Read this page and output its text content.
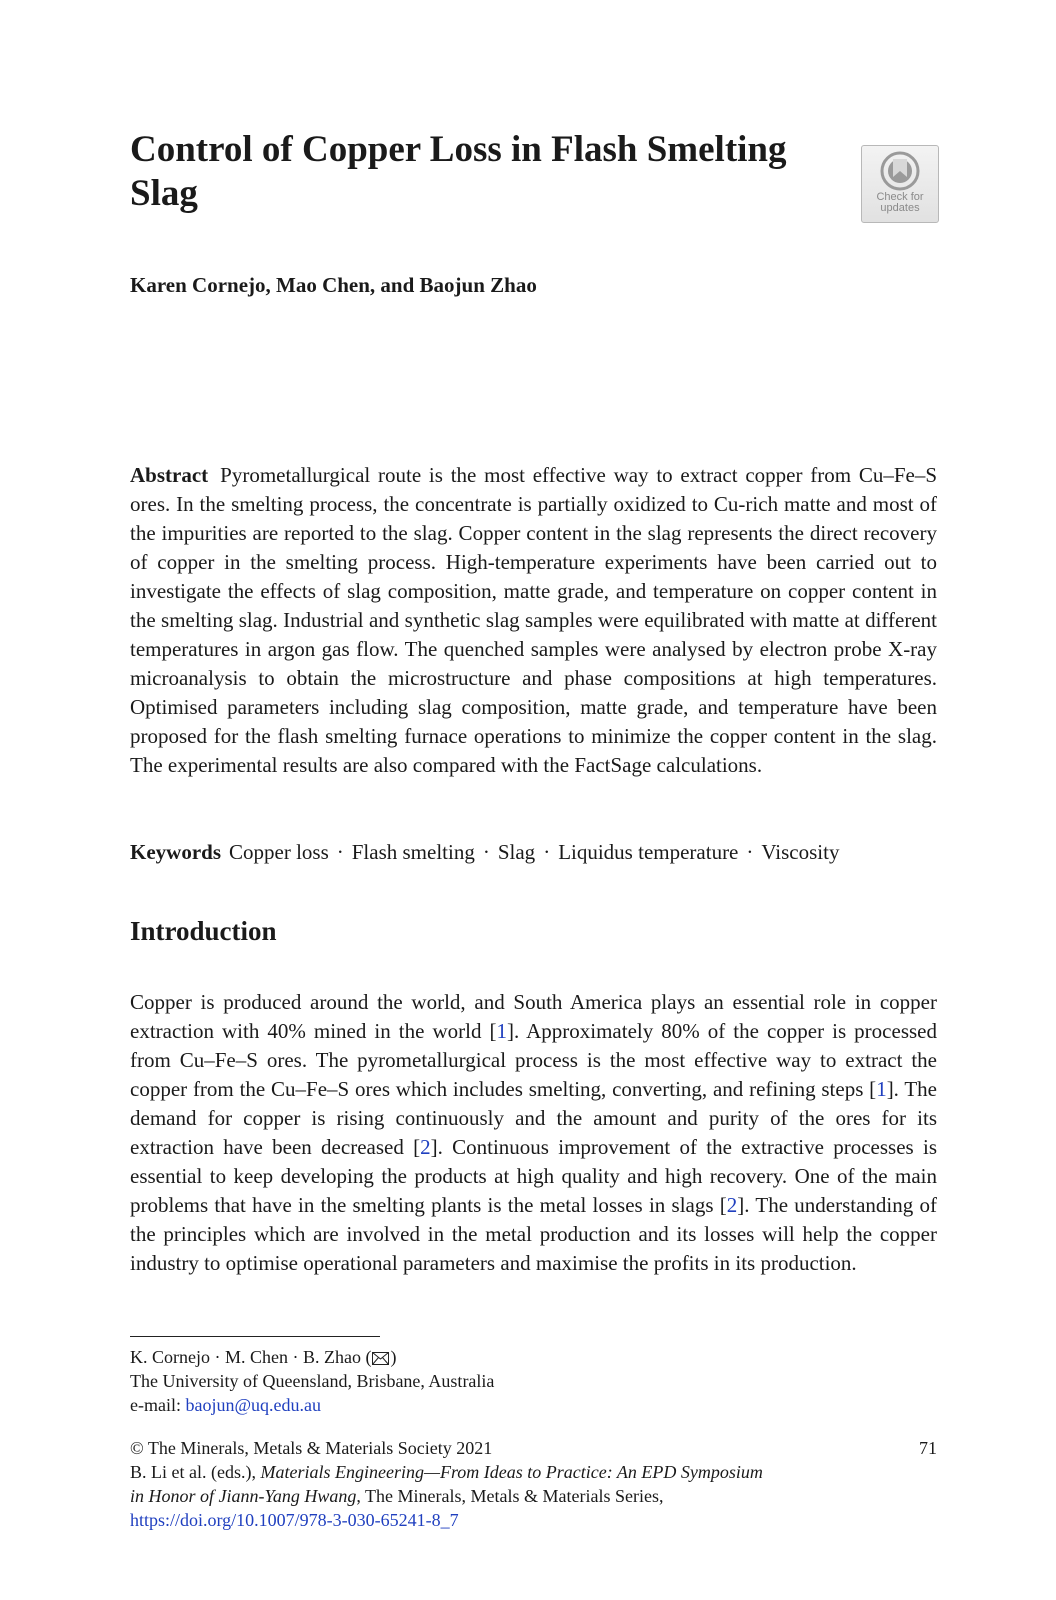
Control of Copper Loss in Flash Smelting Slag	Check for
updates

Karen Cornejo, Mao Chen, and Baojun Zhao

Abstract Pyrometallurgical route is the most effective way to extract copper from Cu–Fe–S ores. In the smelting process, the concentrate is partially oxidized to Cu-rich matte and most of the impurities are reported to the slag. Copper content in the slag represents the direct recovery of copper in the smelting process. High-temperature experiments have been carried out to investigate the effects of slag composition, matte grade, and temperature on copper content in the smelting slag. Industrial and synthetic slag samples were equilibrated with matte at different temperatures in argon gas flow. The quenched samples were analysed by electron probe X-ray microanalysis to obtain the microstructure and phase compositions at high temperatures. Optimised parameters including slag composition, matte grade, and temperature have been proposed for the flash smelting furnace operations to minimize the copper content in the slag. The experimental results are also compared with the FactSage calculations.

Keywords Copper loss · Flash smelting · Slag · Liquidus temperature · Viscosity

Introduction

Copper is produced around the world, and South America plays an essential role in copper extraction with 40% mined in the world [1]. Approximately 80% of the copper is processed from Cu–Fe–S ores. The pyrometallurgical process is the most effective way to extract the copper from the Cu–Fe–S ores which includes smelting, converting, and refining steps [1]. The demand for copper is rising continuously and the amount and purity of the ores for its extraction have been decreased [2]. Continuous improvement of the extractive processes is essential to keep developing the products at high quality and high recovery. One of the main problems that have in the smelting plants is the metal losses in slags [2]. The understanding of the principles which are involved in the metal production and its losses will help the copper industry to optimise operational parameters and maximise the profits in its production.

K. Cornejo · M. Chen · B. Zhao ( )
The University of Queensland, Brisbane, Australia
e-mail: baojun@uq.edu.au

© The Minerals, Metals & Materials Society 2021
B. Li et al. (eds.), Materials Engineering—From Ideas to Practice: An EPD Symposium
in Honor of Jiann-Yang Hwang, The Minerals, Metals & Materials Series,
https://doi.org/10.1007/978-3-030-65241-8_7

71
